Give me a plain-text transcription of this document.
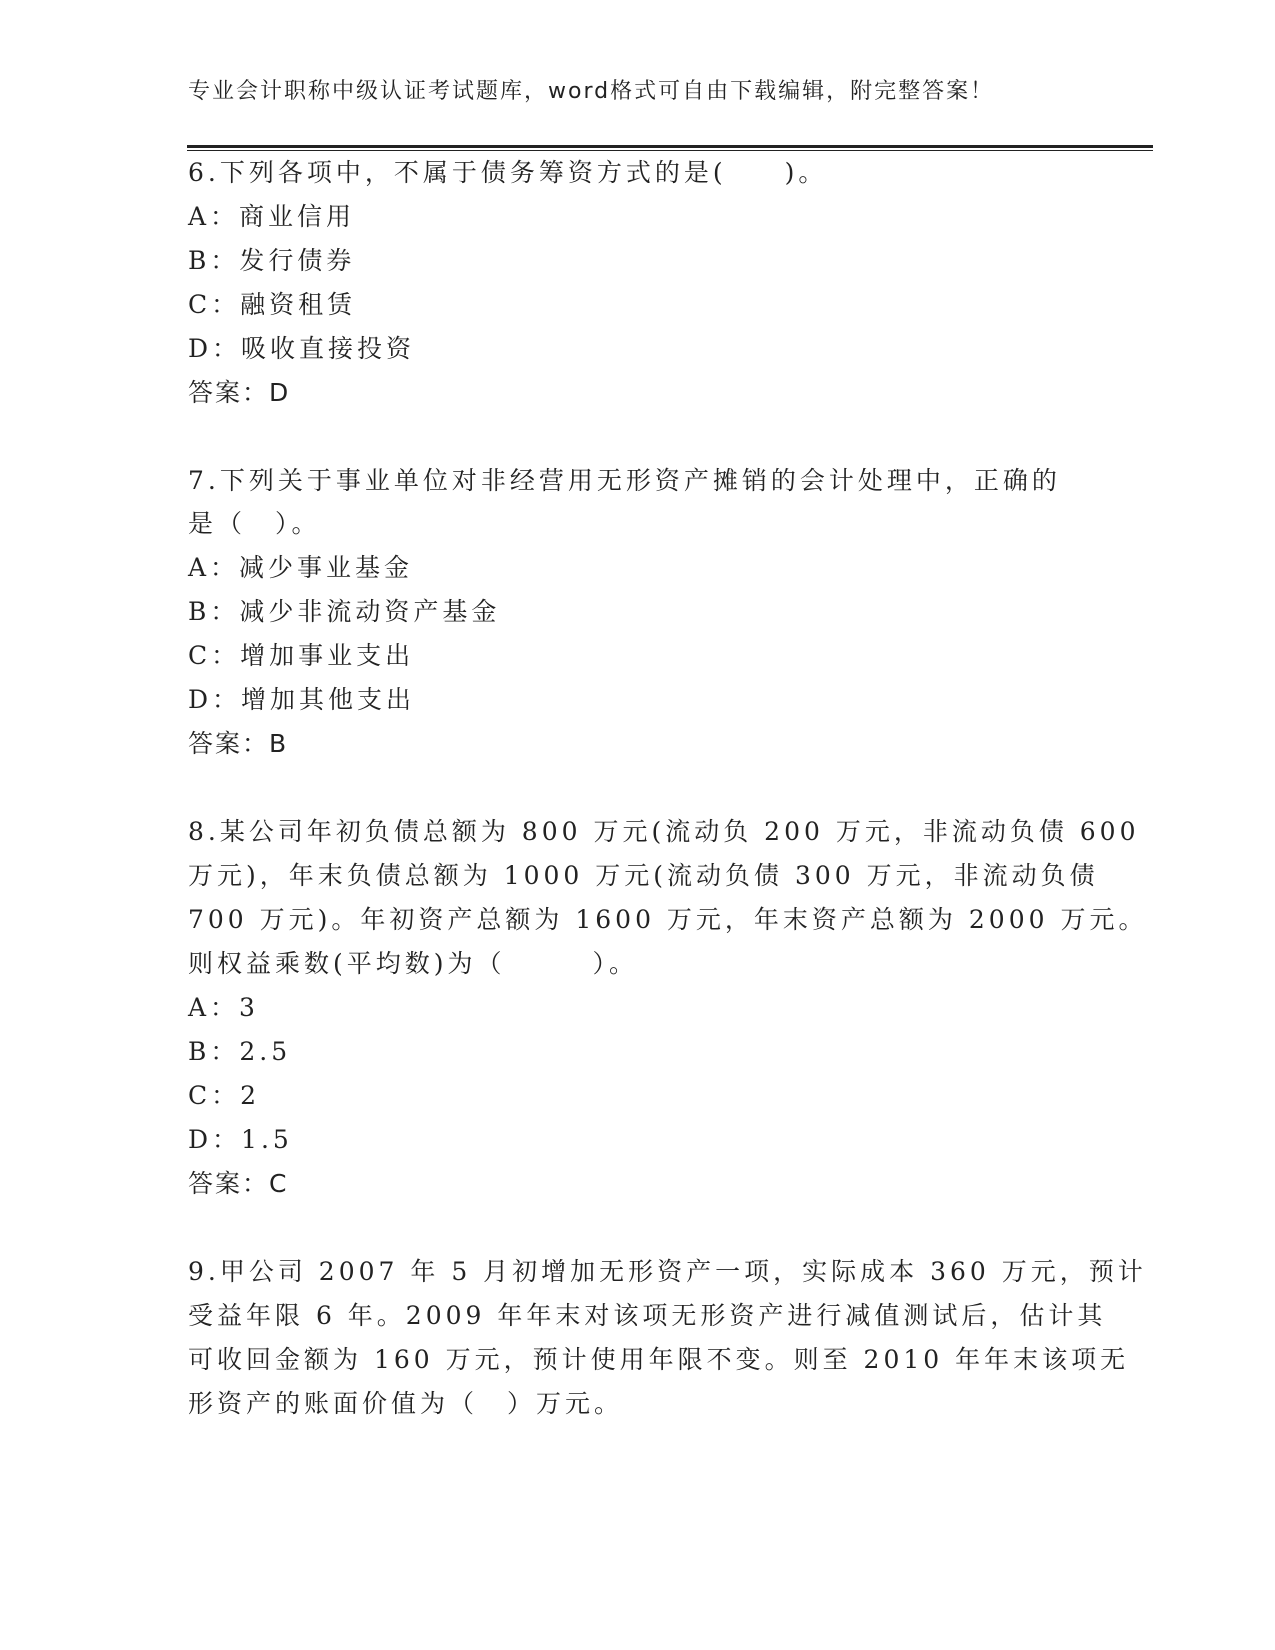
专业会计职称中级认证考试题库，word格式可自由下载编辑，附完整答案！
6.下列各项中，不属于债务筹资方式的是(　　)。
A：商业信用
B：发行债券
C：融资租赁
D：吸收直接投资
答案：D
7.下列关于事业单位对非经营用无形资产摊销的会计处理中，正确的
是（　）。
A：减少事业基金
B：减少非流动资产基金
C：增加事业支出
D：增加其他支出
答案：B
8.某公司年初负债总额为 800 万元(流动负 200 万元，非流动负债 600
万元)，年末负债总额为 1000 万元(流动负债 300 万元，非流动负债
700 万元)。年初资产总额为 1600 万元，年末资产总额为 2000 万元。
则权益乘数(平均数)为（　　　）。
A：3
B：2.5
C：2
D：1.5
答案：C
9.甲公司 2007 年 5 月初增加无形资产一项，实际成本 360 万元，预计
受益年限 6 年。2009 年年末对该项无形资产进行减值测试后，估计其
可收回金额为 160 万元，预计使用年限不变。则至 2010 年年末该项无
形资产的账面价值为（　）万元。
